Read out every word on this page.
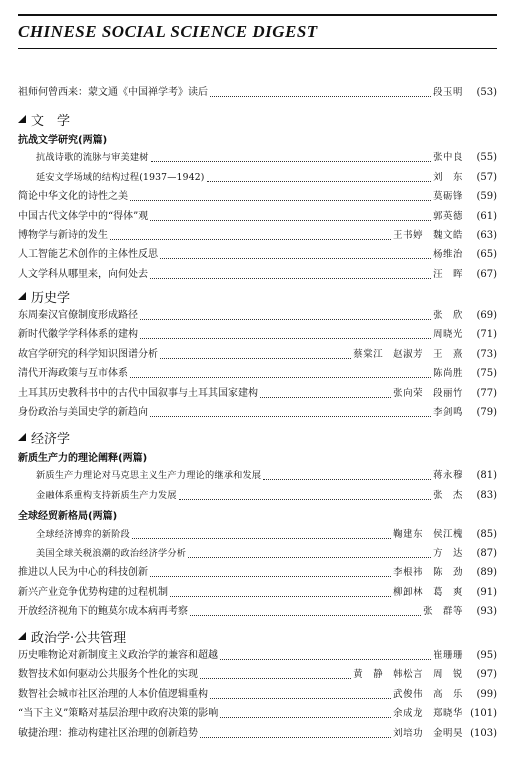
CHINESE SOCIAL SCIENCE DIGEST
祖师何曾西来：蒙文通《中国禅学考》读后	段玉明	(53)
文　学
抗战文学研究(两篇)
抗战诗歌的流脉与审美建树	张中良	(55)
延安文学场域的结构过程(1937—1942)	刘　东	(57)
简论中华文化的诗性之美	莫砺锋	(59)
中国古代文体学中的“得体”观	郭英德	(61)
博物学与新诗的发生	王书婷　魏文皓	(63)
人工智能艺术创作的主体性反思	杨维治	(65)
人文学科从哪里来，向何处去	汪　晖	(67)
历史学
东周秦汉官僚制度形成路径	张　欣	(69)
新时代徽学学科体系的建构	周晓光	(71)
故宫学研究的科学知识图谱分析	蔡棠江　赵淑芳　王　熹	(73)
清代开海政策与互市体系	陈尚胜	(75)
土耳其历史教科书中的古代中国叙事与土耳其国家建构	张向荣　段丽竹	(77)
身份政治与美国史学的新趋向	李剑鸣	(79)
经济学
新质生产力的理论阐释(两篇)
新质生产力理论对马克思主义生产力理论的继承和发展	蒋永穆	(81)
金融体系重构支持新质生产力发展	张　杰	(83)
全球经贸新格局(两篇)
全球经济博弈的新阶段	鞠建东　侯江槐	(85)
美国全球关税浪潮的政治经济学分析	方　达	(87)
推进以人民为中心的科技创新	李根祎　陈　劲	(89)
新兴产业竞争优势构建的过程机制	柳卸林　葛　爽	(91)
开放经济视角下的鲍莫尔成本病再考察	张　群等	(93)
政治学·公共管理
历史唯物论对新制度主义政治学的兼容和超越	崔珊珊	(95)
数智技术如何驱动公共服务个性化的实现	黄　静　韩松言　周　锐	(97)
数智社会城市社区治理的人本价值逻辑重构	武俊伟　高　乐	(99)
“当下主义”策略对基层治理中政府决策的影响	余成龙　郑晓华 (101)
敏捷治理：推动构建社区治理的创新趋势	刘培功　金明昊 (103)
